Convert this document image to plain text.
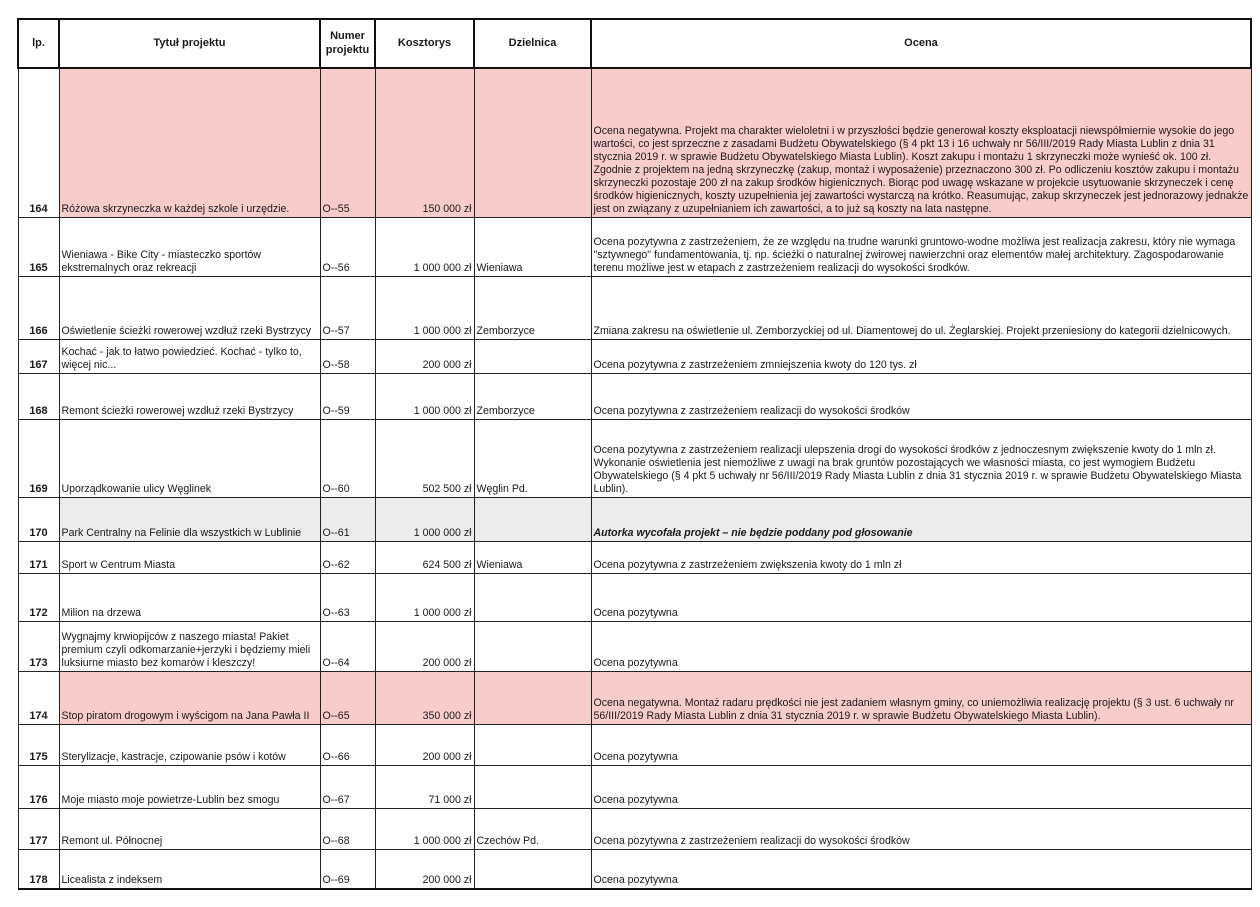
lp.	Tytuł projektu	Numer projektu	Kosztorys	Dzielnica	Ocena
164	Różowa skrzyneczka w każdej szkole i urzędzie.	O--55	150 000 zł		Ocena negatywna. Projekt ma charakter wieloletni i w przyszłości będzie generował koszty eksploatacji niewspółmiernie wysokie do jego wartości, co jest sprzeczne z zasadami Budżetu Obywatelskiego (§ 4 pkt 13 i 16 uchwały nr 56/III/2019 Rady Miasta Lublin z dnia 31 stycznia 2019 r. w sprawie Budżetu Obywatelskiego Miasta Lublin). Koszt zakupu i montażu 1 skrzyneczki może wynieść ok. 100 zł. Zgodnie z projektem na jedną skrzyneczkę (zakup, montaż i wyposażenie) przeznaczono 300 zł. Po odliczeniu kosztów zakupu i montażu skrzyneczki pozostaje 200 zł na zakup środków higienicznych. Biorąc pod uwagę wskazane w projekcie usytuowanie skrzyneczek i cenę środków higienicznych, koszty uzupełnienia jej zawartości wystarczą na krótko. Reasumując, zakup skrzyneczek jest jednorazowy jednakże jest on związany z uzupełnianiem ich zawartości, a to już są koszty na lata następne.
165	Wieniawa - Bike City - miasteczko sportów ekstremalnych oraz rekreacji	O--56	1 000 000 zł	Wieniawa	Ocena pozytywna z zastrzeżeniem, że ze względu na trudne warunki gruntowo-wodne możliwa jest realizacja zakresu, który nie wymaga "sztywnego" fundamentowania, tj. np. ścieżki o naturalnej żwirowej nawierzchni oraz elementów małej architektury. Zagospodarowanie terenu możliwe jest w etapach z zastrzeżeniem realizacji do wysokości środków.
166	Oświetlenie ścieżki rowerowej wzdłuż rzeki Bystrzycy	O--57	1 000 000 zł	Zemborzyce	Zmiana zakresu na oświetlenie ul. Zemborzyckiej od ul. Diamentowej do ul. Żeglarskiej. Projekt przeniesiony do kategorii dzielnicowych.
167	Kochać - jak to łatwo powiedzieć. Kochać - tylko to, więcej nic...	O--58	200 000 zł		Ocena pozytywna z zastrzeżeniem zmniejszenia kwoty do 120 tys. zł
168	Remont ścieżki rowerowej wzdłuż rzeki Bystrzycy	O--59	1 000 000 zł	Zemborzyce	Ocena pozytywna z zastrzeżeniem realizacji do wysokości środków
169	Uporządkowanie ulicy Węglinek	O--60	502 500 zł	Węglin Pd.	Ocena pozytywna z zastrzeżeniem realizacji ulepszenia drogi do wysokości środków z jednoczesnym zwiększenie kwoty do 1 mln zł. Wykonanie oświetlenia jest niemożliwe z uwagi na brak gruntów pozostających we własności miasta, co jest wymogiem Budżetu Obywatelskiego (§ 4 pkt 5 uchwały nr 56/III/2019 Rady Miasta Lublin z dnia 31 stycznia 2019 r. w sprawie Budżetu Obywatelskiego Miasta Lublin).
170	Park Centralny na Felinie dla wszystkich w Lublinie	O--61	1 000 000 zł		Autorka wycofała projekt – nie będzie poddany pod głosowanie
171	Sport w Centrum Miasta	O--62	624 500 zł	Wieniawa	Ocena pozytywna z zastrzeżeniem zwiększenia kwoty do 1 mln zł
172	Milion na drzewa	O--63	1 000 000 zł		Ocena pozytywna
173	Wygnajmy krwiopijców z naszego miasta! Pakiet premium czyli odkomarzanie+jerzyki i będziemy mieli luksiurne miasto bez komarów i kleszczy!	O--64	200 000 zł		Ocena pozytywna
174	Stop piratom drogowym i wyścigom na Jana Pawła II	O--65	350 000 zł		Ocena negatywna. Montaż radaru prędkości nie jest zadaniem własnym gminy, co uniemożliwia realizację projektu (§ 3 ust. 6 uchwały nr 56/III/2019 Rady Miasta Lublin z dnia 31 stycznia 2019 r. w sprawie Budżetu Obywatelskiego Miasta Lublin).
175	Sterylizacje, kastracje, czipowanie psów i kotów	O--66	200 000 zł		Ocena pozytywna
176	Moje miasto moje powietrze-Lublin bez smogu	O--67	71 000 zł		Ocena pozytywna
177	Remont ul. Północnej	O--68	1 000 000 zł	Czechów Pd.	Ocena pozytywna z zastrzeżeniem realizacji do wysokości środków
178	Licealista z indeksem	O--69	200 000 zł		Ocena pozytywna
